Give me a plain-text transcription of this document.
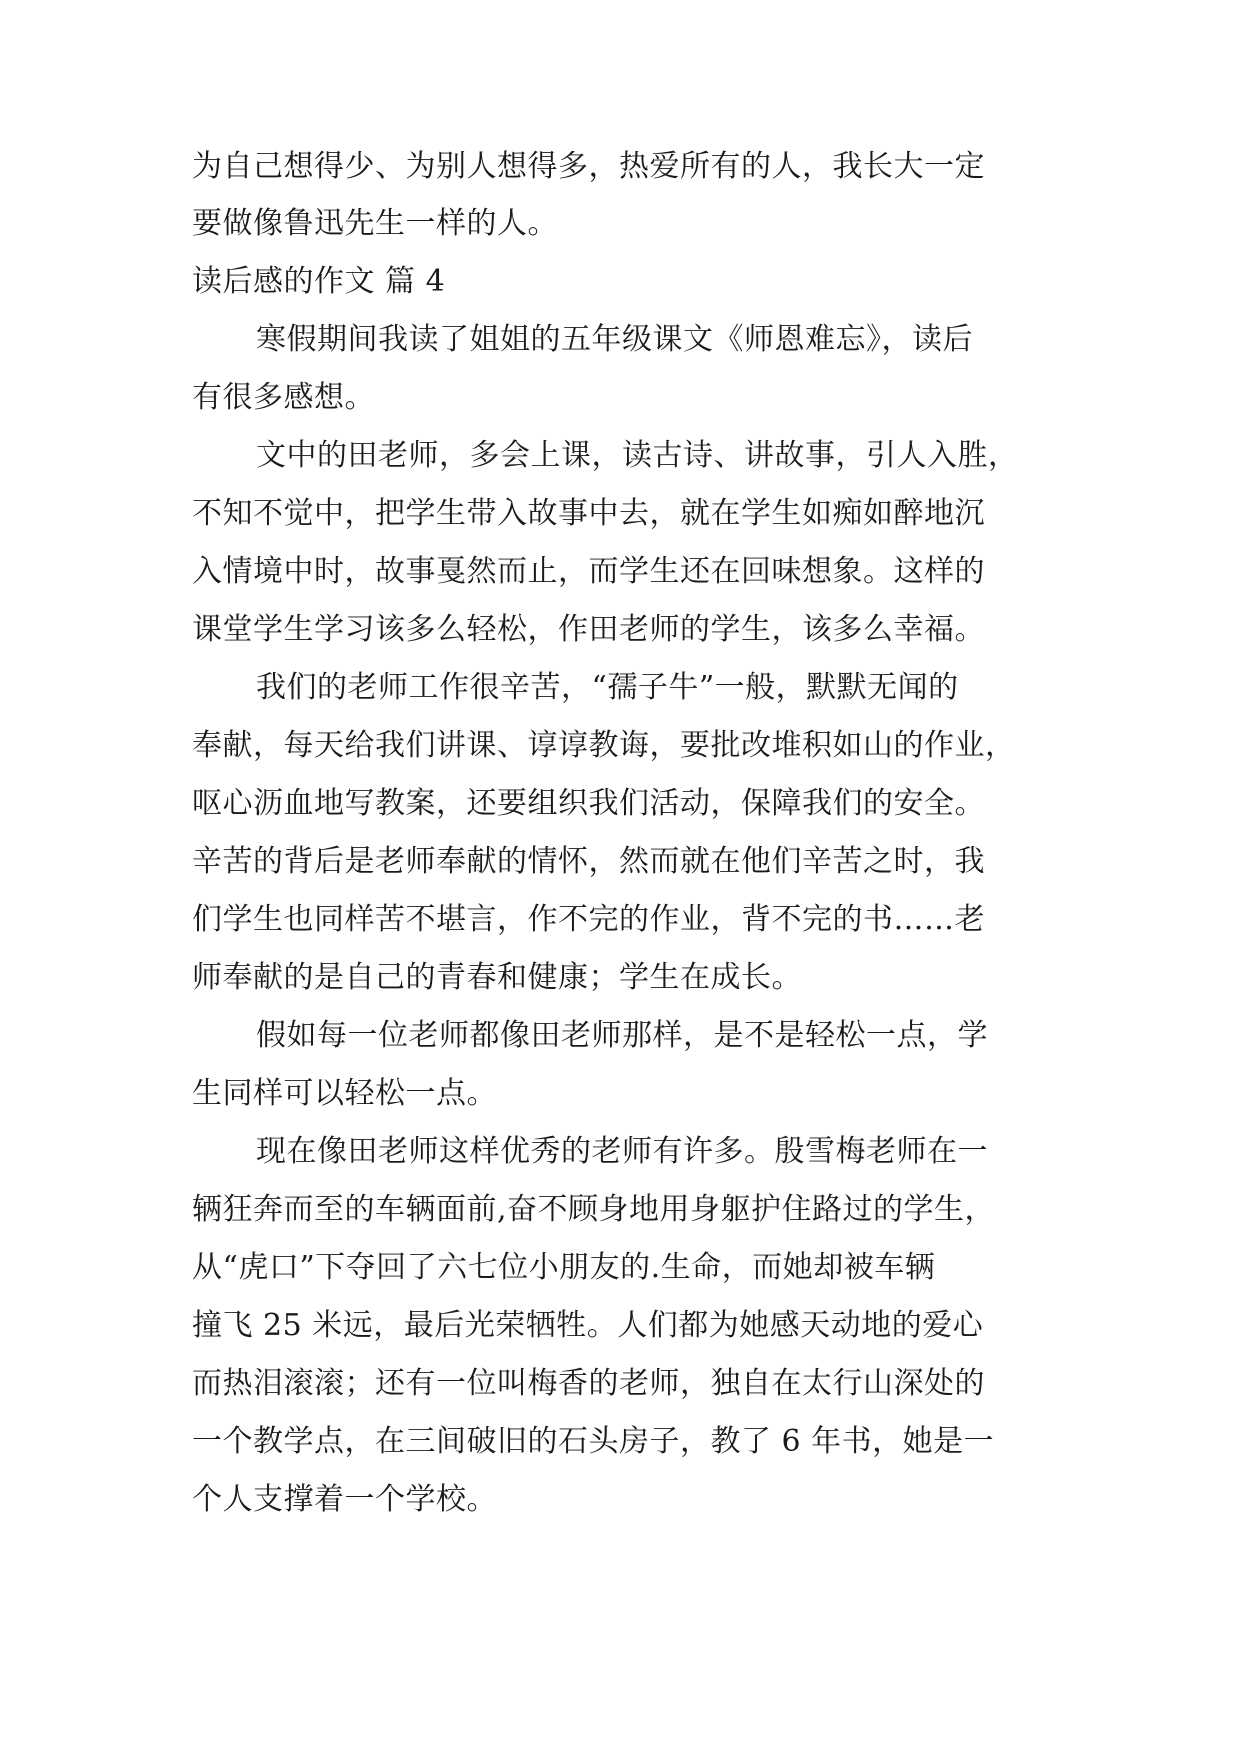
为自己想得少、为别人想得多，热爱所有的人，我长大一定
要做像鲁迅先生一样的人。
读后感的作文 篇 4
寒假期间我读了姐姐的五年级课文《师恩难忘》，读后
有很多感想。
文中的田老师，多会上课，读古诗、讲故事，引人入胜，
不知不觉中，把学生带入故事中去，就在学生如痴如醉地沉
入情境中时，故事戛然而止，而学生还在回味想象。这样的
课堂学生学习该多么轻松，作田老师的学生，该多么幸福。
我们的老师工作很辛苦，“孺子牛”一般，默默无闻的
奉献，每天给我们讲课、谆谆教诲，要批改堆积如山的作业，
呕心沥血地写教案，还要组织我们活动，保障我们的安全。
辛苦的背后是老师奉献的情怀，然而就在他们辛苦之时，我
们学生也同样苦不堪言，作不完的作业，背不完的书……老
师奉献的是自己的青春和健康；学生在成长。
假如每一位老师都像田老师那样，是不是轻松一点，学
生同样可以轻松一点。
现在像田老师这样优秀的老师有许多。殷雪梅老师在一
辆狂奔而至的车辆面前,奋不顾身地用身躯护住路过的学生，
从“虎口”下夺回了六七位小朋友的.生命，而她却被车辆
撞飞 25 米远，最后光荣牺牲。人们都为她感天动地的爱心
而热泪滚滚；还有一位叫梅香的老师，独自在太行山深处的
一个教学点，在三间破旧的石头房子，教了 6 年书，她是一
个人支撑着一个学校。
